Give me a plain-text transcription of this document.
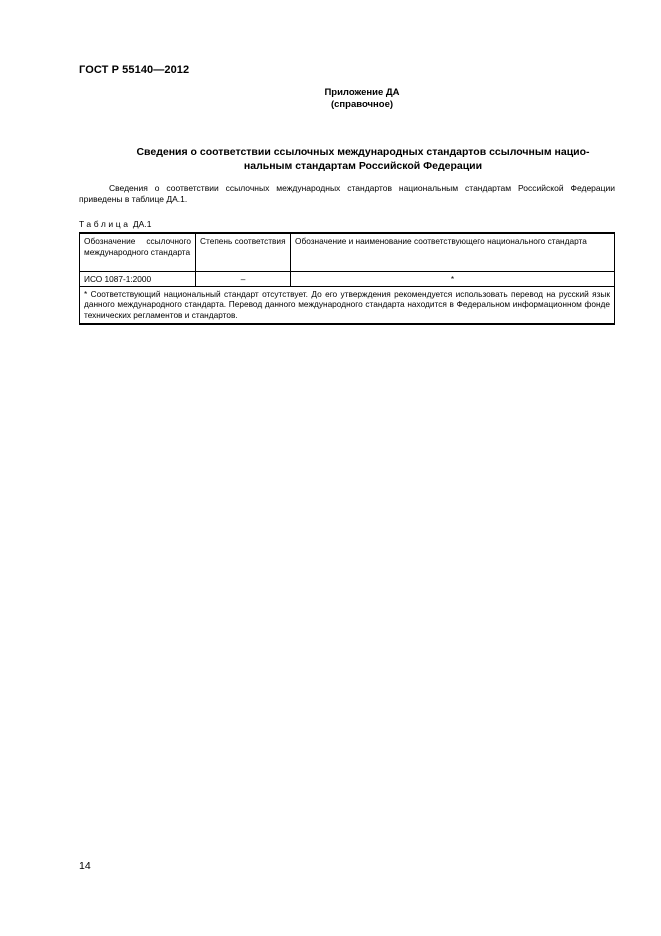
ГОСТ Р 55140—2012
Приложение ДА
(справочное)
Сведения о соответствии ссылочных международных стандартов ссылочным нацио-
нальным стандартам Российской Федерации
Сведения о соответствии ссылочных международных стандартов национальным стандартам Российской Федерации приведены в таблице ДА.1.
Таблица ДА.1
Обозначение ссылочного международного стандарта	Степень соответствия	Обозначение и наименование соответствующего национального стандарта
ИСО 1087-1:2000	–	*
* Соответствующий национальный стандарт отсутствует. До его утверждения рекомендуется использовать перевод на русский язык данного международного стандарта. Перевод данного международного стандарта находится в Федеральном информационном фонде технических регламентов и стандартов.		
14
